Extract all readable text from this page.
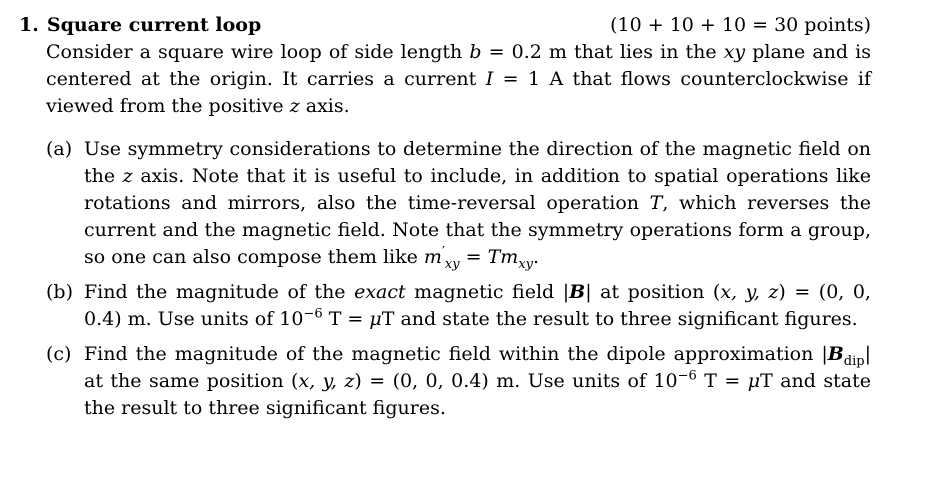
1. Square current loop	(10 + 10 + 10 = 30 points)

Consider a square wire loop of side length b = 0.2 m that lies in the xy plane and is centered at the origin. It carries a current I = 1 A that flows counterclockwise if viewed from the positive z axis.

(a) Use symmetry considerations to determine the direction of the magnetic field on the z axis. Note that it is useful to include, in addition to spatial operations like rotations and mirrors, also the time-reversal operation T, which reverses the current and the magnetic field. Note that the symmetry operations form a group, so one can also compose them like $m'_{xy} = Tm_{xy}$.
(b) Find the magnitude of the exact magnetic field |B| at position (x, y, z) = (0, 0, 0.4) m. Use units of $10^{-6}$ T = μT and state the result to three significant figures.
(c) Find the magnitude of the magnetic field within the dipole approximation $|B_{dip}|$ at the same position (x, y, z) = (0, 0, 0.4) m. Use units of $10^{-6}$ T = μT and state the result to three significant figures.
